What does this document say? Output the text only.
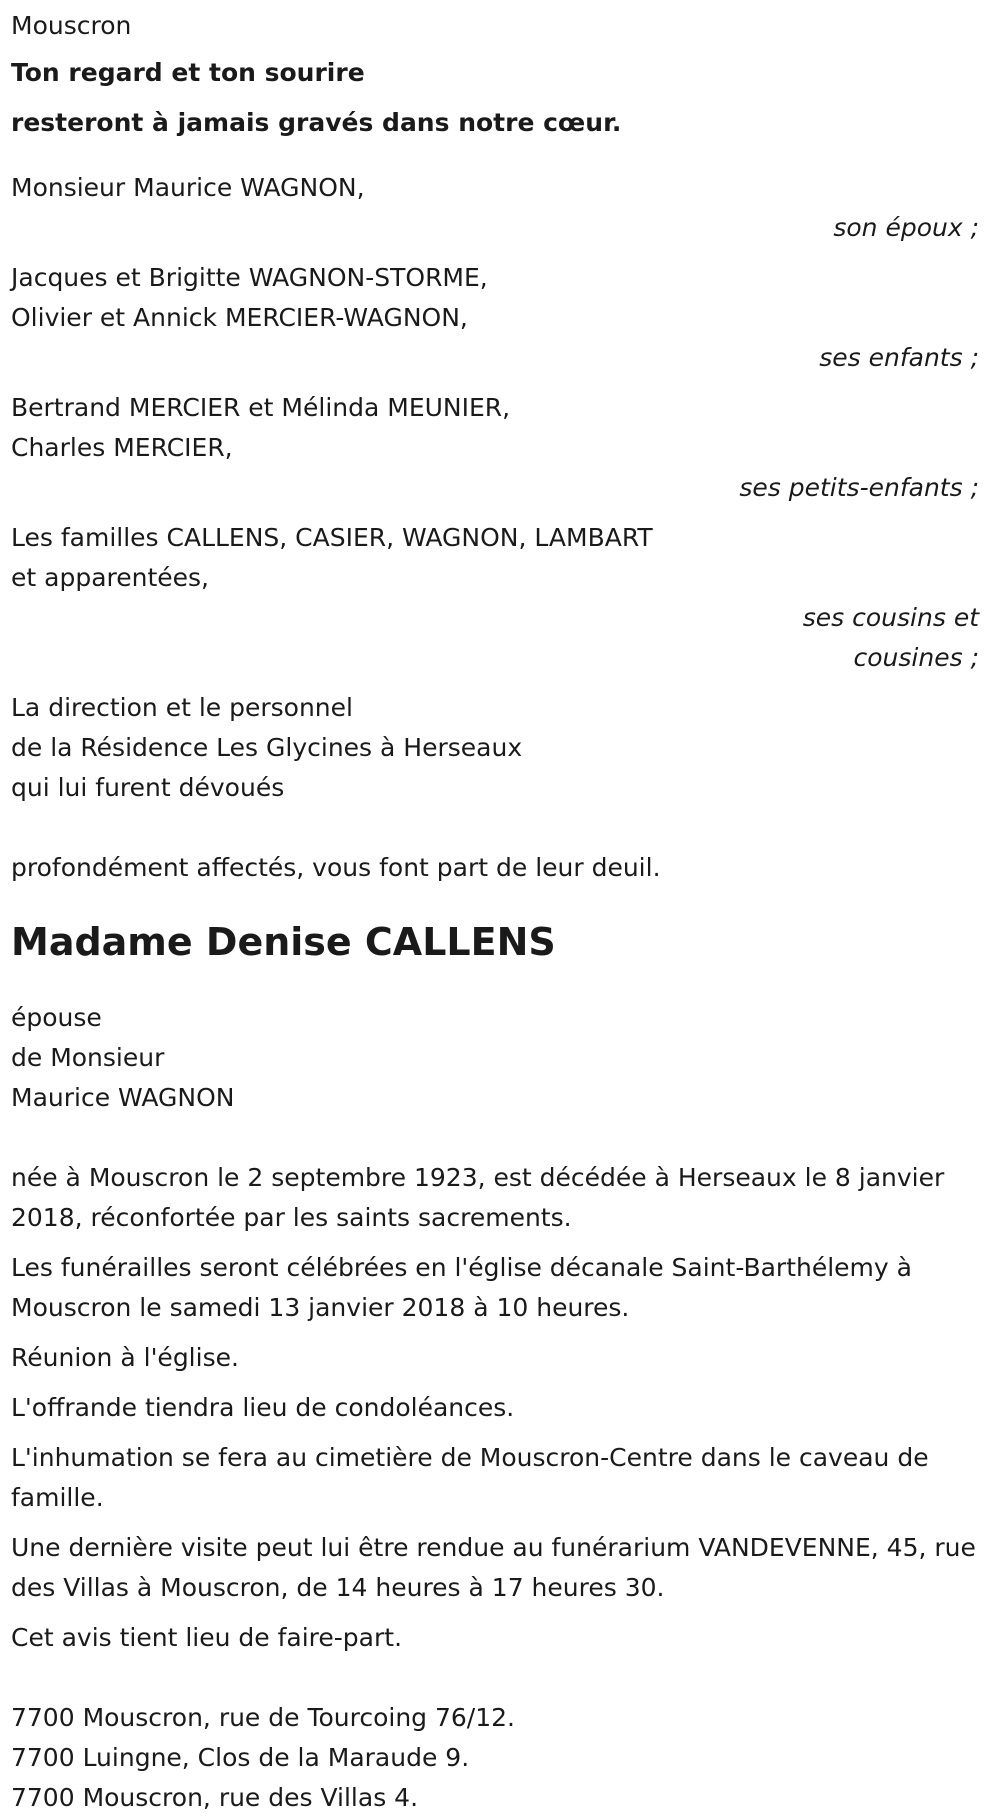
Mouscron

Ton regard et ton sourire

resteront à jamais gravés dans notre cœur.

Monsieur Maurice WAGNON,

son époux ;

Jacques et Brigitte WAGNON-STORME,

Olivier et Annick MERCIER-WAGNON,

ses enfants ;

Bertrand MERCIER et Mélinda MEUNIER,

Charles MERCIER,

ses petits-enfants ;

Les familles CALLENS, CASIER, WAGNON, LAMBART

et apparentées,

ses cousins et

cousines ;

La direction et le personnel

de la Résidence Les Glycines à Herseaux

qui lui furent dévoués

profondément affectés, vous font part de leur deuil.

Madame Denise CALLENS

épouse

de Monsieur

Maurice WAGNON

née à Mouscron le 2 septembre 1923, est décédée à Herseaux le 8 janvier 2018, réconfortée par les saints sacrements.

Les funérailles seront célébrées en l'église décanale Saint-Barthélemy à Mouscron le samedi 13 janvier 2018 à 10 heures.

Réunion à l'église.

L'offrande tiendra lieu de condoléances.

L'inhumation se fera au cimetière de Mouscron-Centre dans le caveau de famille.

Une dernière visite peut lui être rendue au funérarium VANDEVENNE, 45, rue des Villas à Mouscron, de 14 heures à 17 heures 30.

Cet avis tient lieu de faire-part.

7700 Mouscron, rue de Tourcoing 76/12.

7700 Luingne, Clos de la Maraude 9.

7700 Mouscron, rue des Villas 4.
